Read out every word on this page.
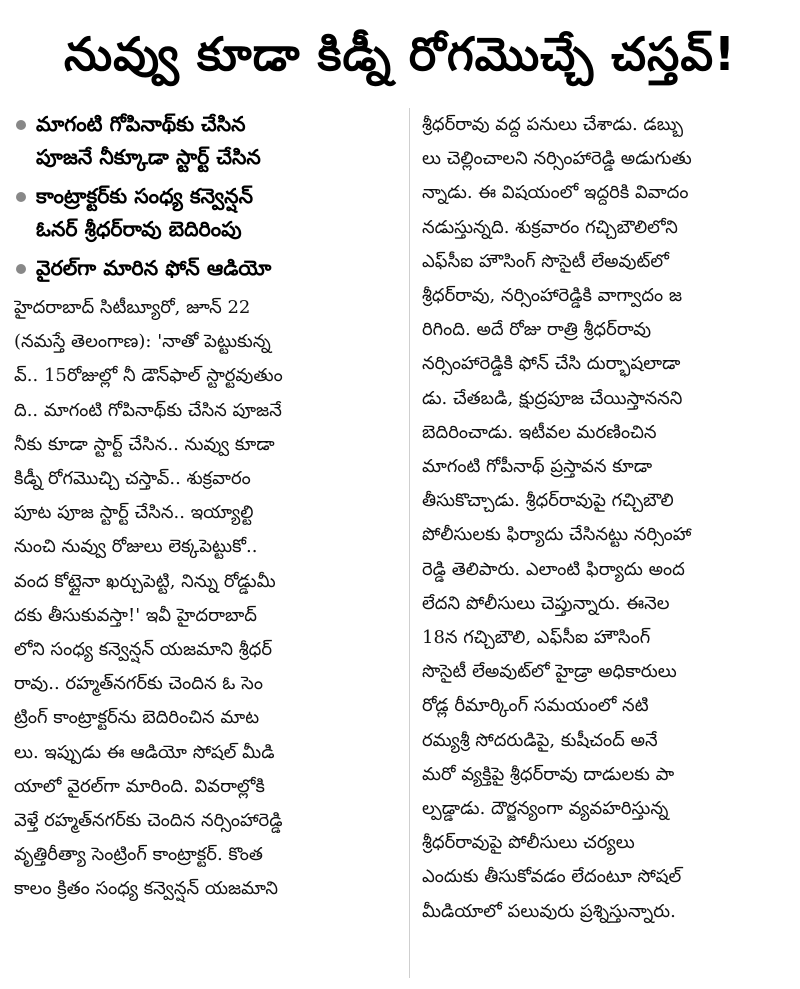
నువ్వు కూడా కిడ్నీ రోగమొచ్చే చస్తవ్!
మాగంటి గోపినాథ్‌కు చేసిన
పూజనే నీక్కూడా స్టార్ట్ చేసిన
కాంట్రాక్టర్‌కు సంధ్య కన్వెన్షన్
ఓనర్ శ్రీధర్‌రావు బెదిరింపు
వైరల్‌గా మారిన ఫోన్ ఆడియో
హైదరాబాద్ సిటీబ్యూరో, జూన్ 22
(నమస్తే తెలంగాణ): 'నాతో పెట్టుకున్న
వ్.. 15రోజుల్లో నీ డౌన్‌ఫాల్ స్టార్టవుతుం
ది.. మాగంటి గోపినాథ్‌కు చేసిన పూజనే
నీకు కూడా స్టార్ట్ చేసిన.. నువ్వు కూడా
కిడ్నీ రోగమొచ్చి చస్తావ్.. శుక్రవారం
పూట పూజ స్టార్ట్ చేసిన.. ఇయ్యాల్టి
నుంచి నువ్వు రోజులు లెక్కపెట్టుకో..
వంద కోట్లైనా ఖర్చుపెట్టి, నిన్ను రోడ్డుమీ
దకు తీసుకువస్తా!' ఇవీ హైదరాబాద్
లోని సంధ్య కన్వెన్షన్ యజమాని శ్రీధర్
రావు.. రహ్మత్‌నగర్‌కు చెందిన ఓ సెం
ట్రింగ్ కాంట్రాక్టర్‌ను బెదిరించిన మాట
లు. ఇప్పుడు ఈ ఆడియో సోషల్ మీడి
యాలో వైరల్‌గా మారింది. వివరాల్లోకి
వెళ్తే రహ్మత్‌నగర్‌కు చెందిన నర్సింహారెడ్డి
వృత్తిరీత్యా సెంట్రింగ్ కాంట్రాక్టర్. కొంత
కాలం క్రితం సంధ్య కన్వెన్షన్ యజమాని
శ్రీధర్‌రావు వద్ద పనులు చేశాడు. డబ్బు
లు చెల్లించాలని నర్సింహారెడ్డి అడుగుతు
న్నాడు. ఈ విషయంలో ఇద్దరికి వివాదం
నడుస్తున్నది. శుక్రవారం గచ్చిబౌలిలోని
ఎఫ్‌సీఐ హౌసింగ్ సొసైటీ లేఅవుట్‌లో
శ్రీధర్‌రావు, నర్సింహారెడ్డికి వాగ్వాదం జ
రిగింది. అదే రోజు రాత్రి శ్రీధర్‌రావు
నర్సింహారెడ్డికి ఫోన్ చేసి దుర్భాషలాడా
డు. చేతబడి, క్షుద్రపూజ చేయిస్తాననని
బెదిరించాడు. ఇటీవల మరణించిన
మాగంటి గోపీనాథ్ ప్రస్తావన కూడా
తీసుకొచ్చాడు. శ్రీధర్‌రావుపై గచ్చిబౌలి
పోలీసులకు ఫిర్యాదు చేసినట్టు నర్సింహా
రెడ్డి తెలిపారు. ఎలాంటి ఫిర్యాదు అంద
లేదని పోలీసులు చెప్తున్నారు. ఈనెల
18న గచ్చిబౌలి, ఎఫ్‌సీఐ హౌసింగ్
సొసైటీ లేఅవుట్‌లో హైడ్రా అధికారులు
రోడ్ల రీమార్కింగ్ సమయంలో నటి
రమ్యశ్రీ సోదరుడిపై, కుషీచంద్ అనే
మరో వ్యక్తిపై శ్రీధర్‌రావు దాడులకు పా
ల్పడ్డాడు. దౌర్జన్యంగా వ్యవహరిస్తున్న
శ్రీధర్‌రావుపై పోలీసులు చర్యలు
ఎందుకు తీసుకోవడం లేదంటూ సోషల్
మీడియాలో పలువురు ప్రశ్నిస్తున్నారు.
